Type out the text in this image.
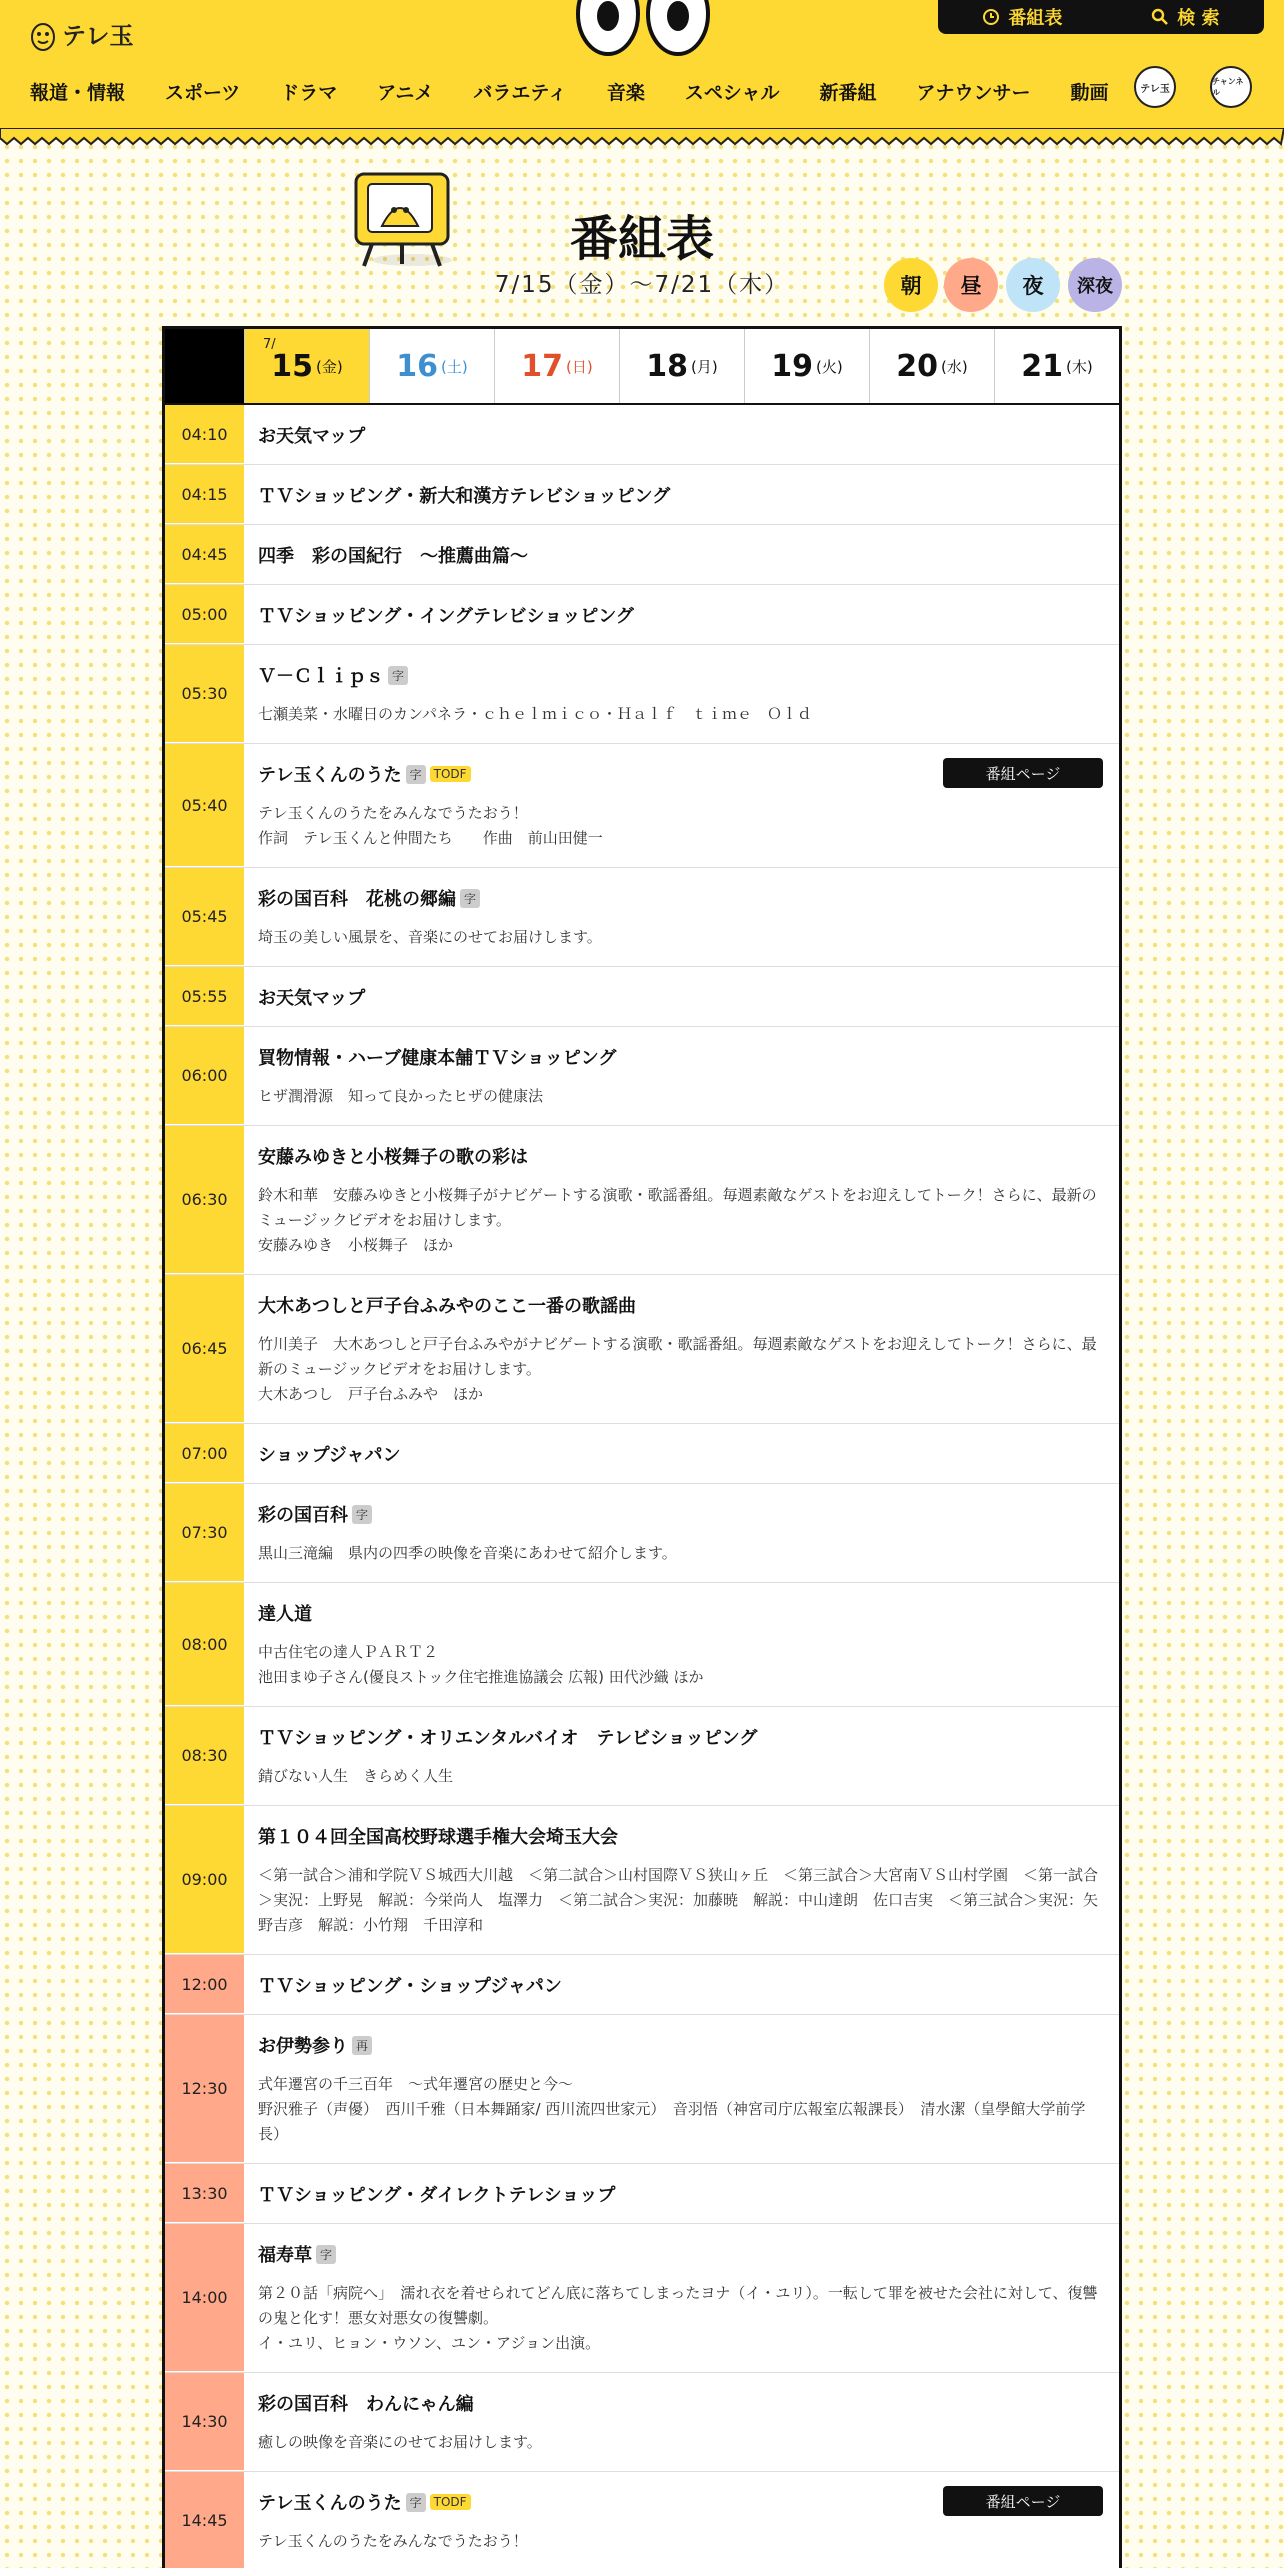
テレ玉
番組表	検 索
報道・情報 スポーツ ドラマ アニメ バラエティ 音楽 スペシャル 新番組 アナウンサー 動画	テレ玉
チャンネル
番組表
7/15（金）〜7/21（木）	朝 昼 夜 深夜
7/
15 (金) 16 (土) 17 (日) 18 (月) 19 (火) 20 (水) 21 (木)
04:10	お天気マップ
04:15	ＴＶショッピング・新大和漢方テレビショッピング
04:45	四季　彩の国紀行　～推薦曲篇～
05:00	ＴＶショッピング・イングテレビショッピング
05:30
Ｖ－Ｃｌｉｐｓ 字
七瀬美菜・水曜日のカンパネラ・ｃｈｅｌｍｉｃｏ・Ｈａｌｆ　ｔｉｍｅ　Ｏｌｄ
05:40
テレ玉くんのうた 字	TODF
テレ玉くんのうたをみんなでうたおう！
作詞　テレ玉くんと仲間たち　　作曲　前山田健一
番組ページ
05:45
彩の国百科　花桃の郷編 字
埼玉の美しい風景を、音楽にのせてお届けします。
05:55	お天気マップ
06:00
買物情報・ハーブ健康本舗ＴＶショッピング
ヒザ潤滑源　知って良かったヒザの健康法
06:30
安藤みゆきと小桜舞子の歌の彩は
鈴木和華　安藤みゆきと小桜舞子がナビゲートする演歌・歌謡番組。毎週素敵なゲストをお迎えしてトーク！さらに、最新のミュージックビデオをお届けします。
安藤みゆき　小桜舞子　ほか
06:45
大木あつしと戸子台ふみやのここ一番の歌謡曲
竹川美子　大木あつしと戸子台ふみやがナビゲートする演歌・歌謡番組。毎週素敵なゲストをお迎えしてトーク！さらに、最新のミュージックビデオをお届けします。
大木あつし　戸子台ふみや　ほか
07:00	ショップジャパン
07:30
彩の国百科 字
黒山三滝編　県内の四季の映像を音楽にあわせて紹介します。
08:00
達人道
中古住宅の達人ＰＡＲＴ２
池田まゆ子さん(優良ストック住宅推進協議会 広報) 田代沙織 ほか
08:30
ＴＶショッピング・オリエンタルバイオ　テレビショッピング
錆びない人生　きらめく人生
09:00
第１０４回全国高校野球選手権大会埼玉大会
＜第一試合＞浦和学院ＶＳ城西大川越　＜第二試合＞山村国際ＶＳ狭山ヶ丘　＜第三試合＞大宮南ＶＳ山村学園　＜第一試合＞実況：上野晃　解説：今栄尚人　塩澤力　＜第二試合＞実況：加藤暁　解説：中山達朗　佐口吉実　＜第三試合＞実況：矢野吉彦　解説：小竹翔　千田淳和
12:00	ＴＶショッピング・ショップジャパン
12:30
お伊勢参り 再
式年遷宮の千三百年　～式年遷宮の歴史と今～
野沢雅子（声優）　西川千雅（日本舞踊家/ 西川流四世家元）　音羽悟（神宮司庁広報室広報課長）　清水潔（皇學館大学前学長）
13:30	ＴＶショッピング・ダイレクトテレショップ
14:00
福寿草 字
第２０話「病院へ」　濡れ衣を着せられてどん底に落ちてしまったヨナ（イ・ユリ）。一転して罪を被せた会社に対して、復讐の鬼と化す！悪女対悪女の復讐劇。
イ・ユリ、ヒョン・ウソン、ユン・アジョン出演。
14:30
彩の国百科　わんにゃん編
癒しの映像を音楽にのせてお届けします。
14:45
テレ玉くんのうた 字	TODF
テレ玉くんのうたをみんなでうたおう！
番組ページ
